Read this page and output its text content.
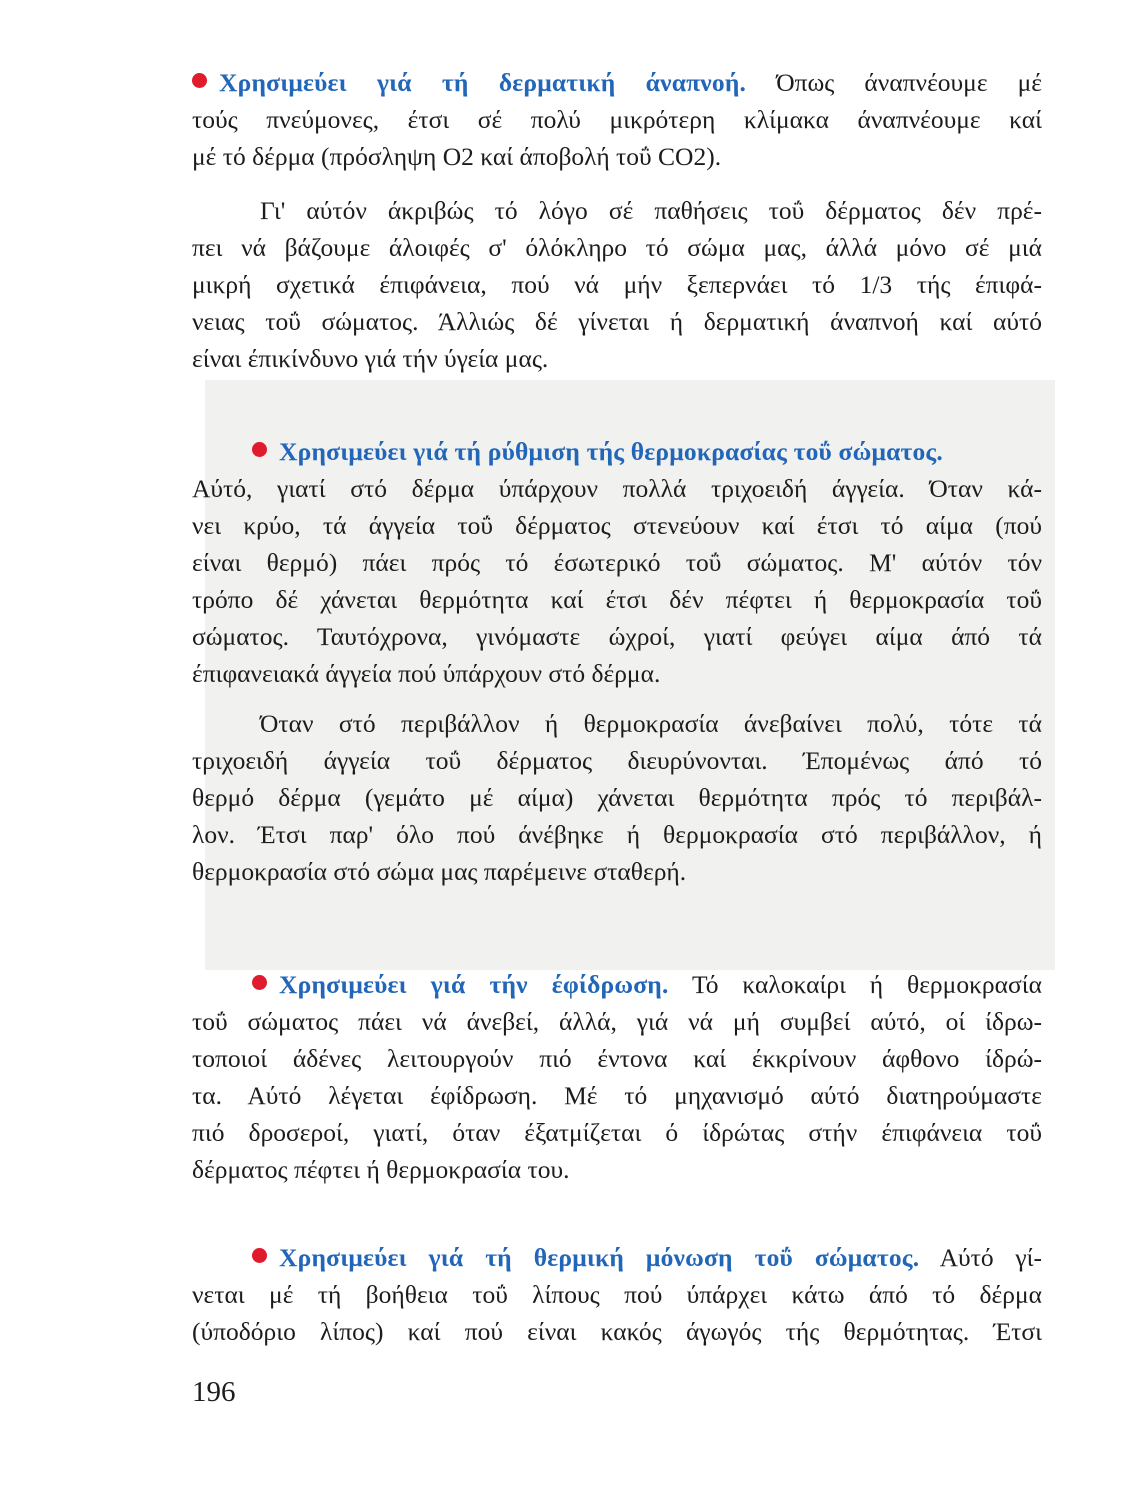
Χρησιμεύει γιά τή δερματική άναπνοή. Όπως άναπνέουμε μέ
τούς πνεύμονες, έτσι σέ πολύ μικρότερη κλίμακα άναπνέουμε καί
μέ τό δέρμα (πρόσληψη O2 καί άποβολή τοΰ CO2).
Γι' αύτόν άκριβώς τό λόγο σέ παθήσεις τοΰ δέρματος δέν πρέ-
πει νά βάζουμε άλοιφές σ' όλόκληρο τό σώμα μας, άλλά μόνο σέ μιά
μικρή σχετικά έπιφάνεια, πού νά μήν ξεπερνάει τό 1/3 τής έπιφά-
νειας τοΰ σώματος. Άλλιώς δέ γίνεται ή δερματική άναπνοή καί αύτό
είναι έπικίνδυνο γιά τήν ύγεία μας.
Χρησιμεύει γιά τή ρύθμιση τής θερμοκρασίας τοΰ σώματος.
Αύτό, γιατί στό δέρμα ύπάρχουν πολλά τριχοειδή άγγεία. Όταν κά-
νει κρύο, τά άγγεία τοΰ δέρματος στενεύουν καί έτσι τό αίμα (πού
είναι θερμό) πάει πρός τό έσωτερικό τοΰ σώματος. Μ' αύτόν τόν
τρόπο δέ χάνεται θερμότητα καί έτσι δέν πέφτει ή θερμοκρασία τοΰ
σώματος. Ταυτόχρονα, γινόμαστε ώχροί, γιατί φεύγει αίμα άπό τά
έπιφανειακά άγγεία πού ύπάρχουν στό δέρμα.
Όταν στό περιβάλλον ή θερμοκρασία άνεβαίνει πολύ, τότε τά
τριχοειδή άγγεία τοΰ δέρματος διευρύνονται. Έπομένως άπό τό
θερμό δέρμα (γεμάτο μέ αίμα) χάνεται θερμότητα πρός τό περιβάλ-
λον. Έτσι παρ' όλο πού άνέβηκε ή θερμοκρασία στό περιβάλλον, ή
θερμοκρασία στό σώμα μας παρέμεινε σταθερή.
Χρησιμεύει γιά τήν έφίδρωση. Τό καλοκαίρι ή θερμοκρασία
τοΰ σώματος πάει νά άνεβεί, άλλά, γιά νά μή συμβεί αύτό, οί ίδρω-
τοποιοί άδένες λειτουργούν πιό έντονα καί έκκρίνουν άφθονο ίδρώ-
τα. Αύτό λέγεται έφίδρωση. Μέ τό μηχανισμό αύτό διατηρούμαστε
πιό δροσεροί, γιατί, όταν έξατμίζεται ό ίδρώτας στήν έπιφάνεια τοΰ
δέρματος πέφτει ή θερμοκρασία του.
Χρησιμεύει γιά τή θερμική μόνωση τοΰ σώματος. Αύτό γί-
νεται μέ τή βοήθεια τοΰ λίπους πού ύπάρχει κάτω άπό τό δέρμα
(ύποδόριο λίπος) καί πού είναι κακός άγωγός τής θερμότητας. Έτσι
196
